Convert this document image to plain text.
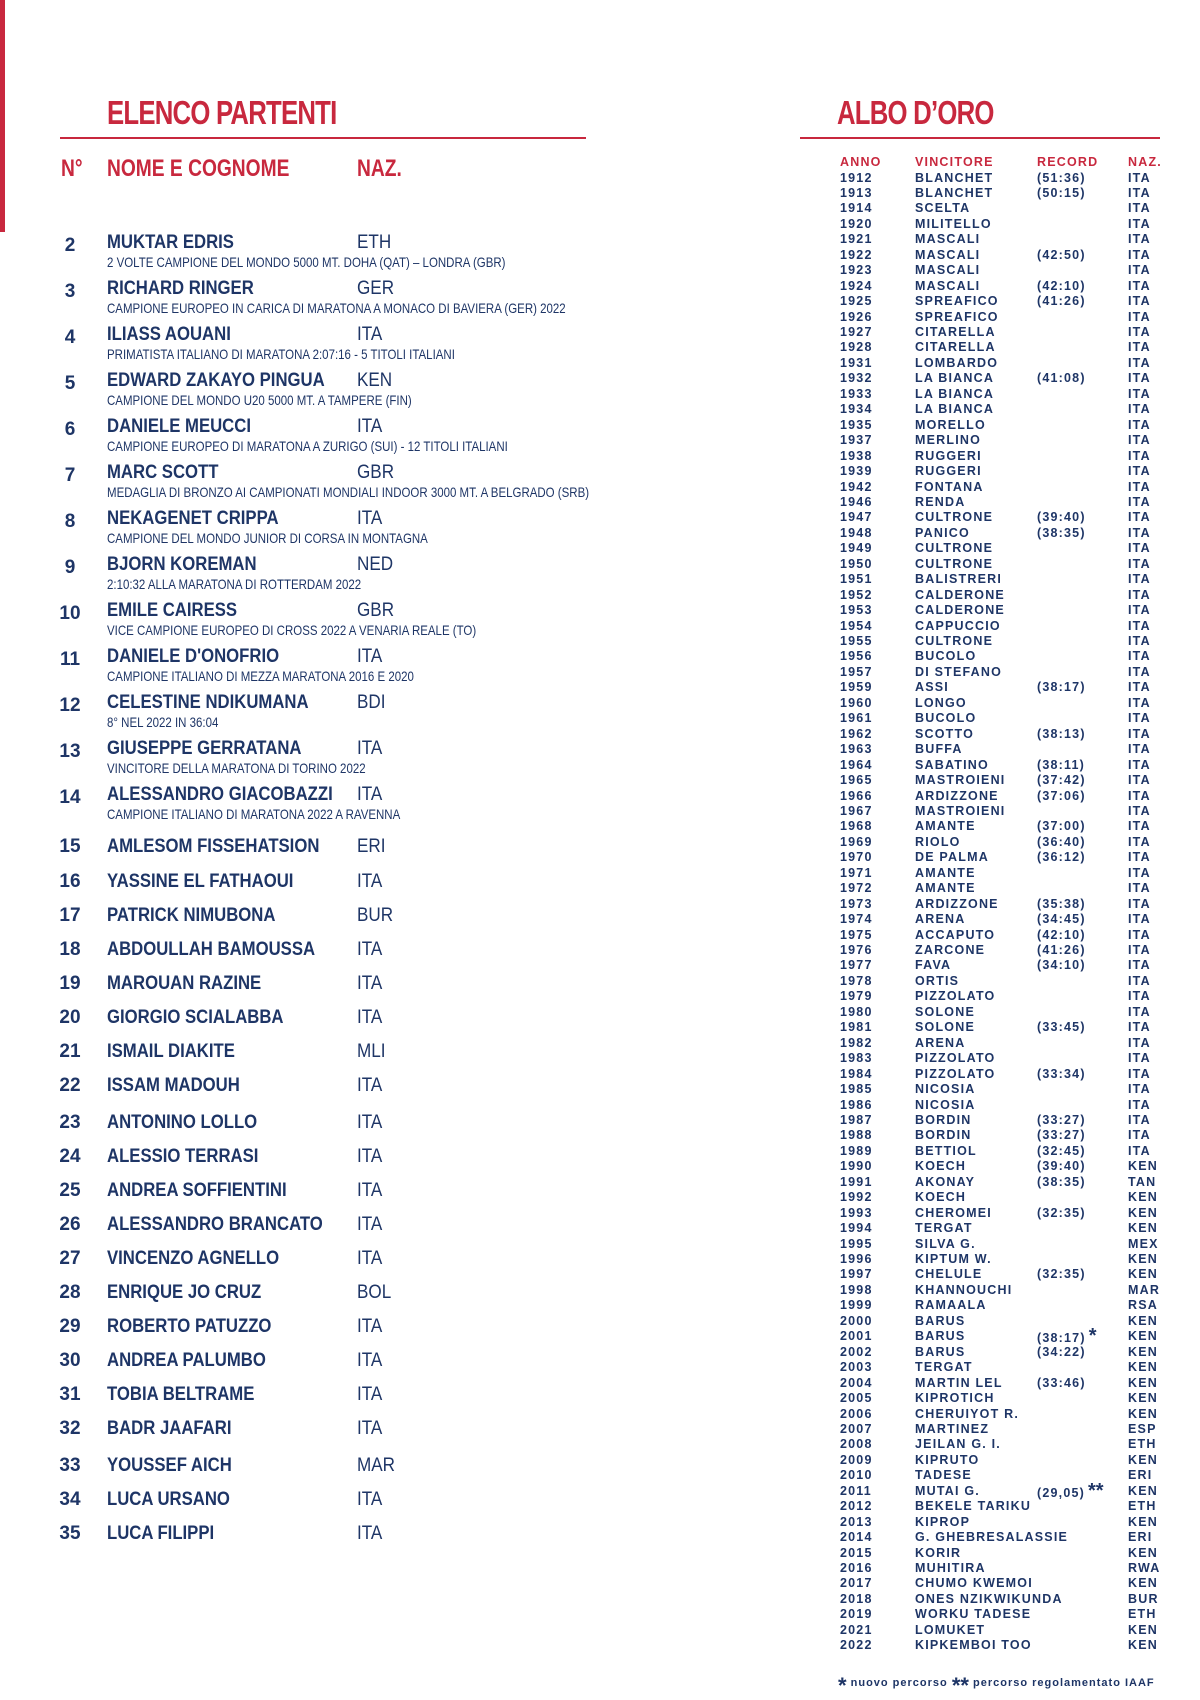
ELENCO PARTENTI
N° NOME E COGNOME	NAZ.
2	MUKTAR EDRIS	ETH
2 VOLTE CAMPIONE DEL MONDO 5000 MT. DOHA (QAT) – LONDRA (GBR)
3	RICHARD RINGER	GER
CAMPIONE EUROPEO IN CARICA DI MARATONA A MONACO DI BAVIERA (GER) 2022
4	ILIASS AOUANI	ITA
PRIMATISTA ITALIANO DI MARATONA 2:07:16 - 5 TITOLI ITALIANI
5	EDWARD ZAKAYO PINGUA KEN
CAMPIONE DEL MONDO U20 5000 MT. A TAMPERE (FIN)
6	DANIELE MEUCCI	ITA
CAMPIONE EUROPEO DI MARATONA A ZURIGO (SUI) - 12 TITOLI ITALIANI
7	MARC SCOTT	GBR
MEDAGLIA DI BRONZO AI CAMPIONATI MONDIALI INDOOR 3000 MT. A BELGRADO (SRB)
8	NEKAGENET CRIPPA	ITA
CAMPIONE DEL MONDO JUNIOR DI CORSA IN MONTAGNA
9	BJORN KOREMAN	NED
2:10:32 ALLA MARATONA DI ROTTERDAM 2022
10 EMILE CAIRESS	GBR
VICE CAMPIONE EUROPEO DI CROSS 2022 A VENARIA REALE (TO)
11	DANIELE D'ONOFRIO	ITA
CAMPIONE ITALIANO DI MEZZA MARATONA 2016 E 2020
12 CELESTINE NDIKUMANA	BDI
8° NEL 2022 IN 36:04
13 GIUSEPPE GERRATANA	ITA
VINCITORE DELLA MARATONA DI TORINO 2022
14 ALESSANDRO GIACOBAZZI ITA
CAMPIONE ITALIANO DI MARATONA 2022 A RAVENNA
15 AMLESOM FISSEHATSION ERI
16 YASSINE EL FATHAOUI	ITA
17 PATRICK NIMUBONA	BUR
18 ABDOULLAH BAMOUSSA ITA
19 MAROUAN RAZINE	ITA
20 GIORGIO SCIALABBA	ITA
21 ISMAIL DIAKITE	MLI
22 ISSAM MADOUH	ITA
23 ANTONINO LOLLO	ITA
24 ALESSIO TERRASI	ITA
25 ANDREA SOFFIENTINI	ITA
26 ALESSANDRO BRANCATO ITA
27 VINCENZO AGNELLO	ITA
28 ENRIQUE JO CRUZ	BOL
29 ROBERTO PATUZZO	ITA
30 ANDREA PALUMBO	ITA
31 TOBIA BELTRAME	ITA
32 BADR JAAFARI	ITA
33 YOUSSEF AICH	MAR
34 LUCA URSANO	ITA
35 LUCA FILIPPI	ITA
ALBO D’ORO
ANNO	VINCITORE	RECORD NAZ.
1912	BLANCHET	(51:36)	ITA
1913	BLANCHET	(50:15)	ITA
1914	SCELTA	ITA
1920	MILITELLO	ITA
1921	MASCALI	ITA
1922	MASCALI	(42:50)	ITA
1923	MASCALI	ITA
1924	MASCALI	(42:10)	ITA
1925	SPREAFICO	(41:26)	ITA
1926	SPREAFICO	ITA
1927	CITARELLA	ITA
1928	CITARELLA	ITA
1931	LOMBARDO	ITA
1932	LA BIANCA	(41:08)	ITA
1933	LA BIANCA	ITA
1934	LA BIANCA	ITA
1935	MORELLO	ITA
1937	MERLINO	ITA
1938	RUGGERI	ITA
1939	RUGGERI	ITA
1942	FONTANA	ITA
1946	RENDA	ITA
1947	CULTRONE	(39:40)	ITA
1948	PANICO	(38:35)	ITA
1949	CULTRONE	ITA
1950	CULTRONE	ITA
1951	BALISTRERI	ITA
1952	CALDERONE	ITA
1953	CALDERONE	ITA
1954	CAPPUCCIO	ITA
1955	CULTRONE	ITA
1956	BUCOLO	ITA
1957	DI STEFANO	ITA
1959	ASSI	(38:17)	ITA
1960	LONGO	ITA
1961	BUCOLO	ITA
1962	SCOTTO	(38:13)	ITA
1963	BUFFA	ITA
1964	SABATINO	(38:11)	ITA
1965	MASTROIENI	(37:42)	ITA
1966	ARDIZZONE	(37:06)	ITA
1967	MASTROIENI	ITA
1968	AMANTE	(37:00)	ITA
1969	RIOLO	(36:40)	ITA
1970	DE PALMA	(36:12)	ITA
1971	AMANTE	ITA
1972	AMANTE	ITA
1973	ARDIZZONE	(35:38)	ITA
1974	ARENA	(34:45)	ITA
1975	ACCAPUTO	(42:10)	ITA
1976	ZARCONE	(41:26)	ITA
1977	FAVA	(34:10)	ITA
1978	ORTIS	ITA
1979	PIZZOLATO	ITA
1980	SOLONE	ITA
1981	SOLONE	(33:45)	ITA
1982	ARENA	ITA
1983	PIZZOLATO	ITA
1984	PIZZOLATO	(33:34)	ITA
1985	NICOSIA	ITA
1986	NICOSIA	ITA
1987	BORDIN	(33:27)	ITA
1988	BORDIN	(33:27)	ITA
1989	BETTIOL	(32:45)	ITA
1990	KOECH	(39:40)	KEN
1991	AKONAY	(38:35)	TAN
1992	KOECH	KEN
1993	CHEROMEI	(32:35)	KEN
1994	TERGAT	KEN
1995	SILVA G.	MEX
1996	KIPTUM W.	KEN
1997	CHELULE	(32:35)	KEN
1998	KHANNOUCHI	MAR
1999	RAMAALA	RSA
2000	BARUS	KEN
2001	BARUS	(38:17) *	KEN
2002	BARUS	(34:22)	KEN
2003	TERGAT	KEN
2004	MARTIN LEL	(33:46)	KEN
2005	KIPROTICH	KEN
2006	CHERUIYOT R.	KEN
2007	MARTINEZ	ESP
2008	JEILAN G. I.	ETH
2009	KIPRUTO	KEN
2010	TADESE	ERI
2011	MUTAI G.	(29,05) ** KEN
2012	BEKELE TARIKU	ETH
2013	KIPROP	KEN
2014	G. GHEBRESALASSIE	ERI
2015	KORIR	KEN
2016	MUHITIRA	RWA
2017	CHUMO KWEMOI	KEN
2018	ONES NZIKWIKUNDA	BUR
2019	WORKU TADESE	ETH
2021	LOMUKET	KEN
2022	KIPKEMBOI TOO	KEN
* nuovo percorso ** percorso regolamentato IAAF
